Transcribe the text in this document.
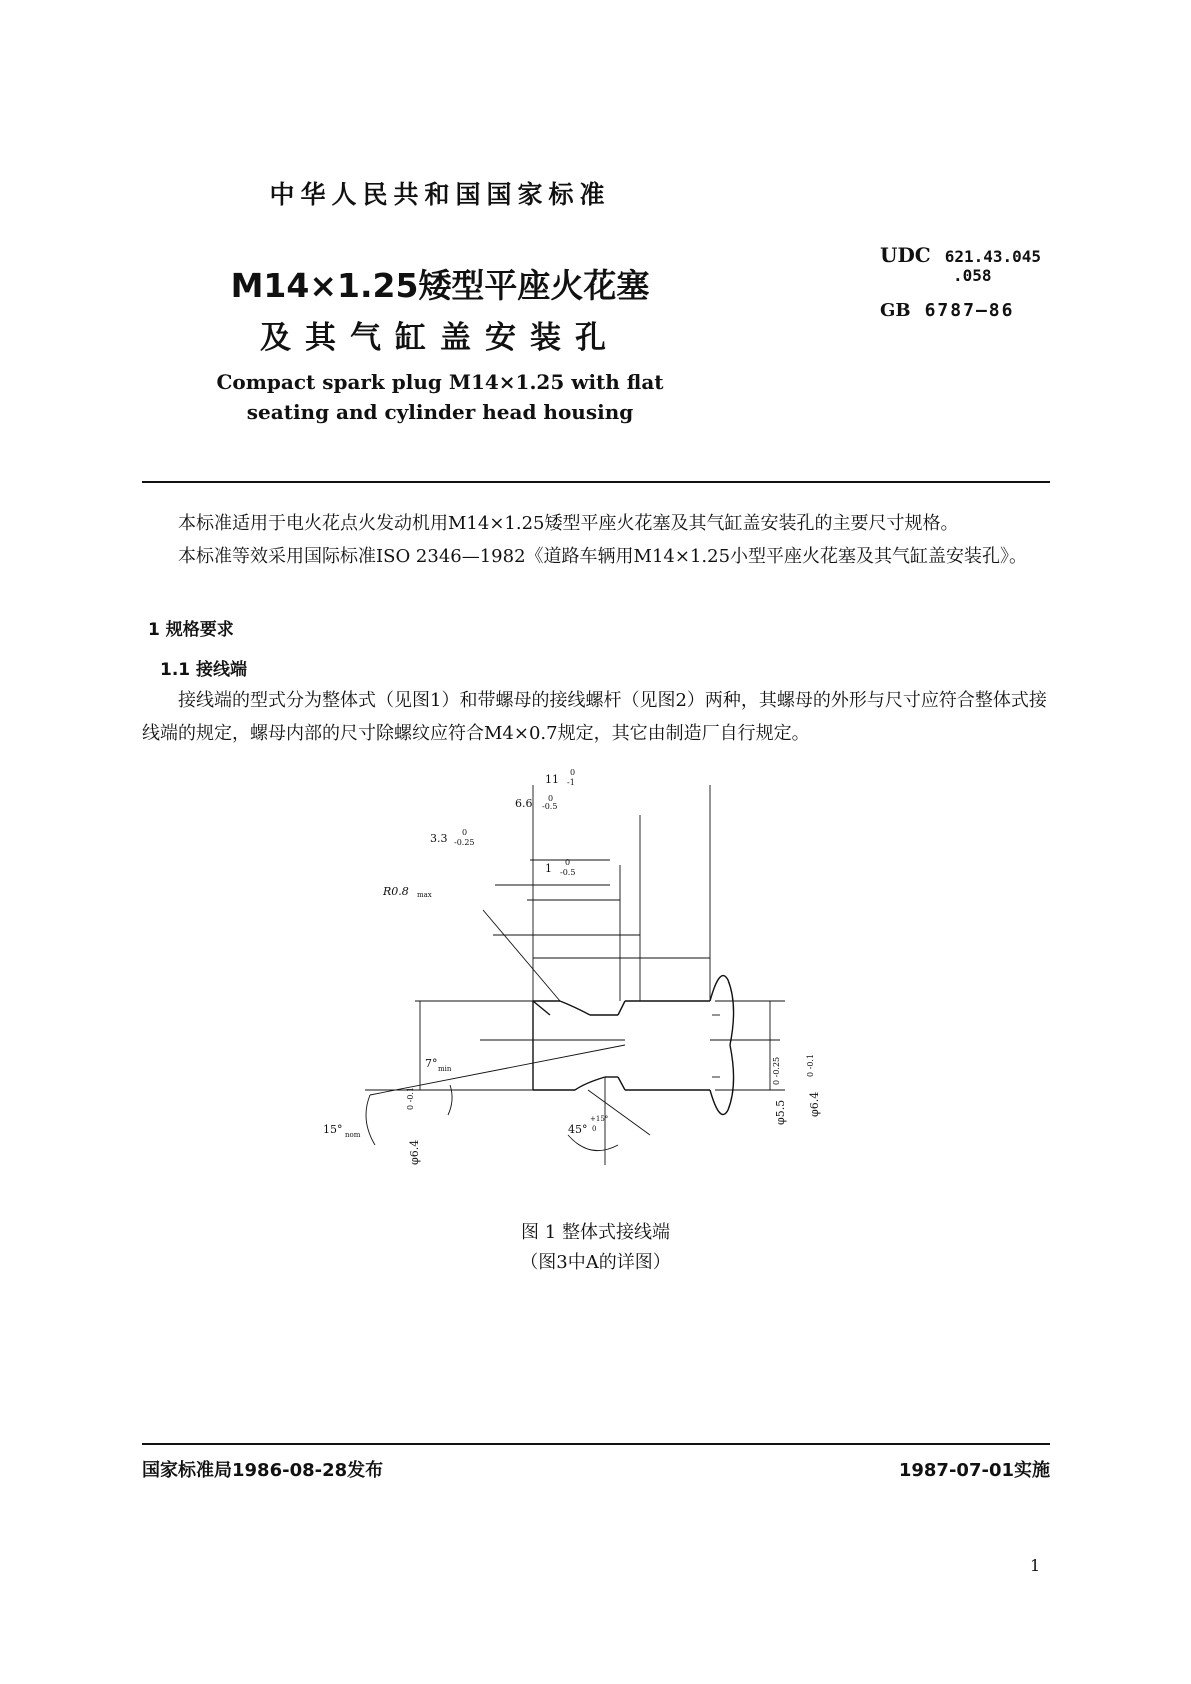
中华人民共和国国家标准
M14×1.25矮型平座火花塞
及其气缸盖安装孔
Compact spark plug M14×1.25 with flat
seating and cylinder head housing
UDC 621.43.045
.058
GB 6787—86
本标准适用于电火花点火发动机用M14×1.25矮型平座火花塞及其气缸盖安装孔的主要尺寸规格。
本标准等效采用国际标准ISO 2346—1982《道路车辆用M14×1.25小型平座火花塞及其气缸盖安装孔》。
1 规格要求
1.1 接线端
接线端的型式分为整体式（见图1）和带螺母的接线螺杆（见图2）两种，其螺母的外形与尺寸应符合整体式接线端的规定，螺母内部的尺寸除螺纹应符合M4×0.7规定，其它由制造厂自行规定。
11
0
-1
6.6 0
-0.5
3.3 0
-0.25
1 0
-0.5
R0.8 max
φ6.4
0 -0.1
7° min
15° nom	45°
+15°
0
φ5.5
0 -0.25
φ6.4
0 -0.1
图 1 整体式接线端
（图3中A的详图）
国家标准局1986-08-28发布	1987-07-01实施
1
